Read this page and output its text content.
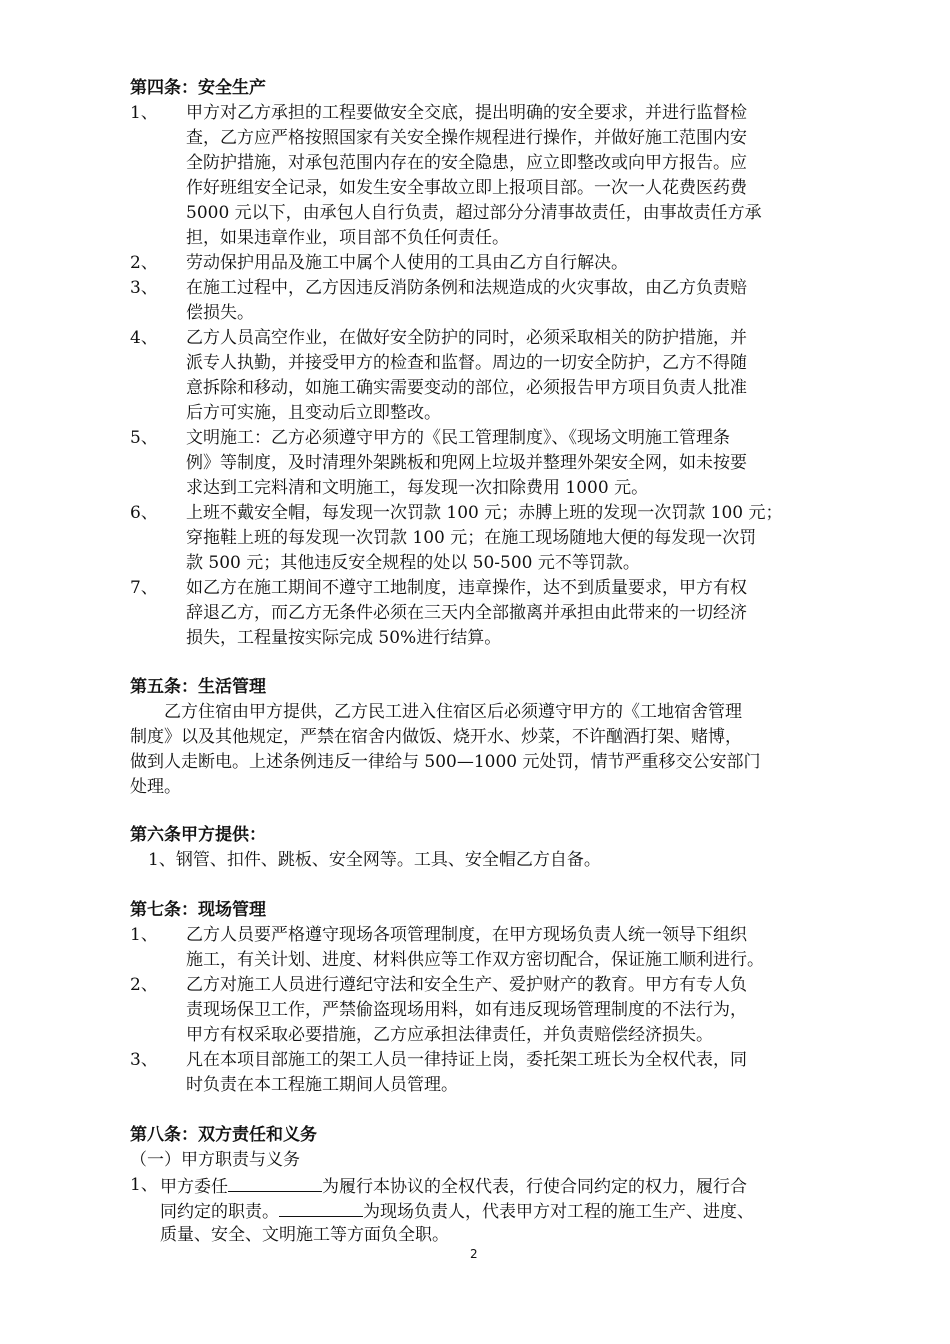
第四条：安全生产
1、 甲方对乙方承担的工程要做安全交底，提出明确的安全要求，并进行监督检
查，乙方应严格按照国家有关安全操作规程进行操作，并做好施工范围内安
全防护措施，对承包范围内存在的安全隐患，应立即整改或向甲方报告。应
作好班组安全记录，如发生安全事故立即上报项目部。一次一人花费医药费
5000 元以下，由承包人自行负责，超过部分分清事故责任，由事故责任方承
担，如果违章作业，项目部不负任何责任。
2、 劳动保护用品及施工中属个人使用的工具由乙方自行解决。
3、 在施工过程中，乙方因违反消防条例和法规造成的火灾事故，由乙方负责赔
偿损失。
4、 乙方人员高空作业，在做好安全防护的同时，必须采取相关的防护措施，并
派专人执勤，并接受甲方的检查和监督。周边的一切安全防护，乙方不得随
意拆除和移动，如施工确实需要变动的部位，必须报告甲方项目负责人批准
后方可实施，且变动后立即整改。
5、 文明施工：乙方必须遵守甲方的《民工管理制度》、《现场文明施工管理条
例》等制度，及时清理外架跳板和兜网上垃圾并整理外架安全网，如未按要
求达到工完料清和文明施工，每发现一次扣除费用 1000 元。
6、 上班不戴安全帽，每发现一次罚款 100 元；赤膊上班的发现一次罚款 100 元；
穿拖鞋上班的每发现一次罚款 100 元；在施工现场随地大便的每发现一次罚
款 500 元；其他违反安全规程的处以 50-500 元不等罚款。
7、 如乙方在施工期间不遵守工地制度，违章操作，达不到质量要求，甲方有权
辞退乙方，而乙方无条件必须在三天内全部撤离并承担由此带来的一切经济
损失，工程量按实际完成 50%进行结算。
第五条：生活管理
乙方住宿由甲方提供，乙方民工进入住宿区后必须遵守甲方的《工地宿舍管理
制度》以及其他规定，严禁在宿舍内做饭、烧开水、炒菜，不许酗酒打架、赌博，
做到人走断电。上述条例违反一律给与 500—1000 元处罚，情节严重移交公安部门
处理。
第六条甲方提供：
1、钢管、扣件、跳板、安全网等。工具、安全帽乙方自备。
第七条：现场管理
1、 乙方人员要严格遵守现场各项管理制度，在甲方现场负责人统一领导下组织
施工，有关计划、进度、材料供应等工作双方密切配合，保证施工顺利进行。
2、 乙方对施工人员进行遵纪守法和安全生产、爱护财产的教育。甲方有专人负
责现场保卫工作，严禁偷盗现场用料，如有违反现场管理制度的不法行为，
甲方有权采取必要措施，乙方应承担法律责任，并负责赔偿经济损失。
3、 凡在本项目部施工的架工人员一律持证上岗，委托架工班长为全权代表，同
时负责在本工程施工期间人员管理。
第八条：双方责任和义务
（一）甲方职责与义务
1、 甲方委任	为履行本协议的全权代表，行使合同约定的权力，履行合
同约定的职责。	为现场负责人，代表甲方对工程的施工生产、进度、
质量、安全、文明施工等方面负全职。
2
